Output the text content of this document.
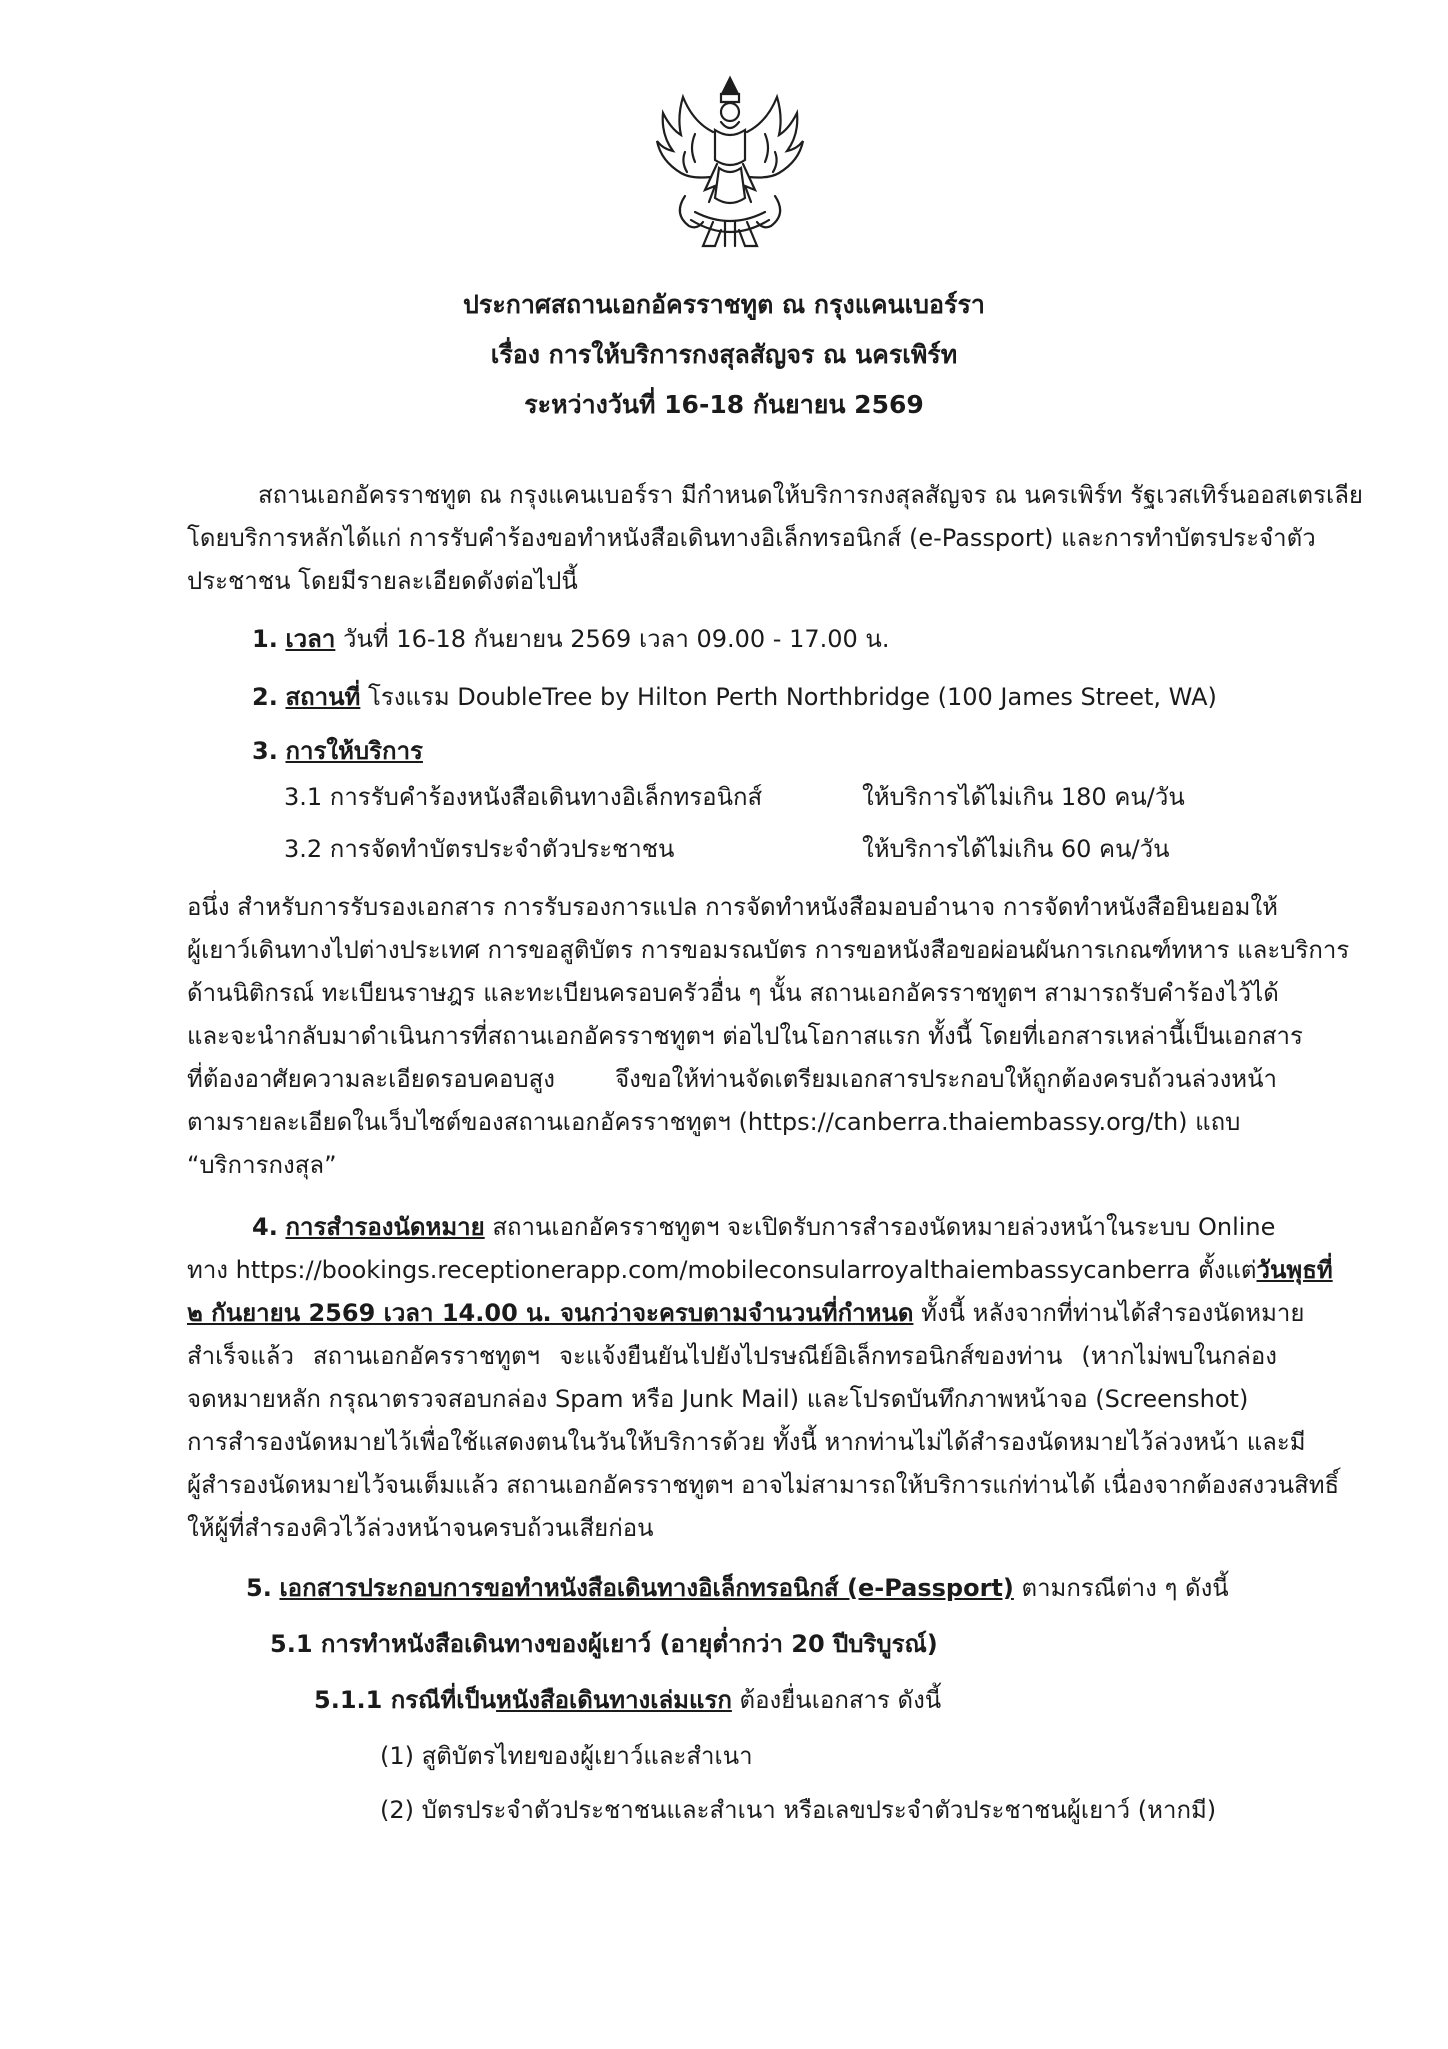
ประกาศสถานเอกอัครราชทูต ณ กรุงแคนเบอร์รา
เรื่อง การให้บริการกงสุลสัญจร ณ นครเพิร์ท
ระหว่างวันที่ 16-18 กันยายน 2569
สถานเอกอัครราชทูต ณ กรุงแคนเบอร์รา มีกำหนดให้บริการกงสุลสัญจร ณ นครเพิร์ท รัฐเวสเทิร์นออสเตรเลีย
โดยบริการหลักได้แก่ การรับคำร้องขอทำหนังสือเดินทางอิเล็กทรอนิกส์ (e-Passport) และการทำบัตรประจำตัว
ประชาชน โดยมีรายละเอียดดังต่อไปนี้
1. เวลา วันที่ 16-18 กันยายน 2569 เวลา 09.00 - 17.00 น.
2. สถานที่ โรงแรม DoubleTree by Hilton Perth Northbridge (100 James Street, WA)
3. การให้บริการ
3.1 การรับคำร้องหนังสือเดินทางอิเล็กทรอนิกส์	ให้บริการได้ไม่เกิน 180 คน/วัน
3.2 การจัดทำบัตรประจำตัวประชาชน	ให้บริการได้ไม่เกิน 60 คน/วัน
อนึ่ง สำหรับการรับรองเอกสาร การรับรองการแปล การจัดทำหนังสือมอบอำนาจ การจัดทำหนังสือยินยอมให้
ผู้เยาว์เดินทางไปต่างประเทศ การขอสูติบัตร การขอมรณบัตร การขอหนังสือขอผ่อนผันการเกณฑ์ทหาร และบริการ
ด้านนิติกรณ์ ทะเบียนราษฎร และทะเบียนครอบครัวอื่น ๆ นั้น สถานเอกอัครราชทูตฯ สามารถรับคำร้องไว้ได้
และจะนำกลับมาดำเนินการที่สถานเอกอัครราชทูตฯ ต่อไปในโอกาสแรก ทั้งนี้ โดยที่เอกสารเหล่านี้เป็นเอกสาร
ที่ต้องอาศัยความละเอียดรอบคอบสูง จึงขอให้ท่านจัดเตรียมเอกสารประกอบให้ถูกต้องครบถ้วนล่วงหน้า
ตามรายละเอียดในเว็บไซต์ของสถานเอกอัครราชทูตฯ (https://canberra.thaiembassy.org/th) แถบ
“บริการกงสุล”
4. การสำรองนัดหมาย สถานเอกอัครราชทูตฯ จะเปิดรับการสำรองนัดหมายล่วงหน้าในระบบ Online
ทาง https://bookings.receptionerapp.com/mobileconsularroyalthaiembassycanberra ตั้งแต่วันพุธที่
๒ กันยายน 2569 เวลา 14.00 น. จนกว่าจะครบตามจำนวนที่กำหนด ทั้งนี้ หลังจากที่ท่านได้สำรองนัดหมาย
สำเร็จแล้ว สถานเอกอัครราชทูตฯ จะแจ้งยืนยันไปยังไปรษณีย์อิเล็กทรอนิกส์ของท่าน (หากไม่พบในกล่อง
จดหมายหลัก กรุณาตรวจสอบกล่อง Spam หรือ Junk Mail) และโปรดบันทึกภาพหน้าจอ (Screenshot)
การสำรองนัดหมายไว้เพื่อใช้แสดงตนในวันให้บริการด้วย ทั้งนี้ หากท่านไม่ได้สำรองนัดหมายไว้ล่วงหน้า และมี
ผู้สำรองนัดหมายไว้จนเต็มแล้ว สถานเอกอัครราชทูตฯ อาจไม่สามารถให้บริการแก่ท่านได้ เนื่องจากต้องสงวนสิทธิ์
ให้ผู้ที่สำรองคิวไว้ล่วงหน้าจนครบถ้วนเสียก่อน
5. เอกสารประกอบการขอทำหนังสือเดินทางอิเล็กทรอนิกส์ (e-Passport) ตามกรณีต่าง ๆ ดังนี้
5.1 การทำหนังสือเดินทางของผู้เยาว์ (อายุต่ำกว่า 20 ปีบริบูรณ์)
5.1.1 กรณีที่เป็นหนังสือเดินทางเล่มแรก ต้องยื่นเอกสาร ดังนี้
(1) สูติบัตรไทยของผู้เยาว์และสำเนา
(2) บัตรประจำตัวประชาชนและสำเนา หรือเลขประจำตัวประชาชนผู้เยาว์ (หากมี)
